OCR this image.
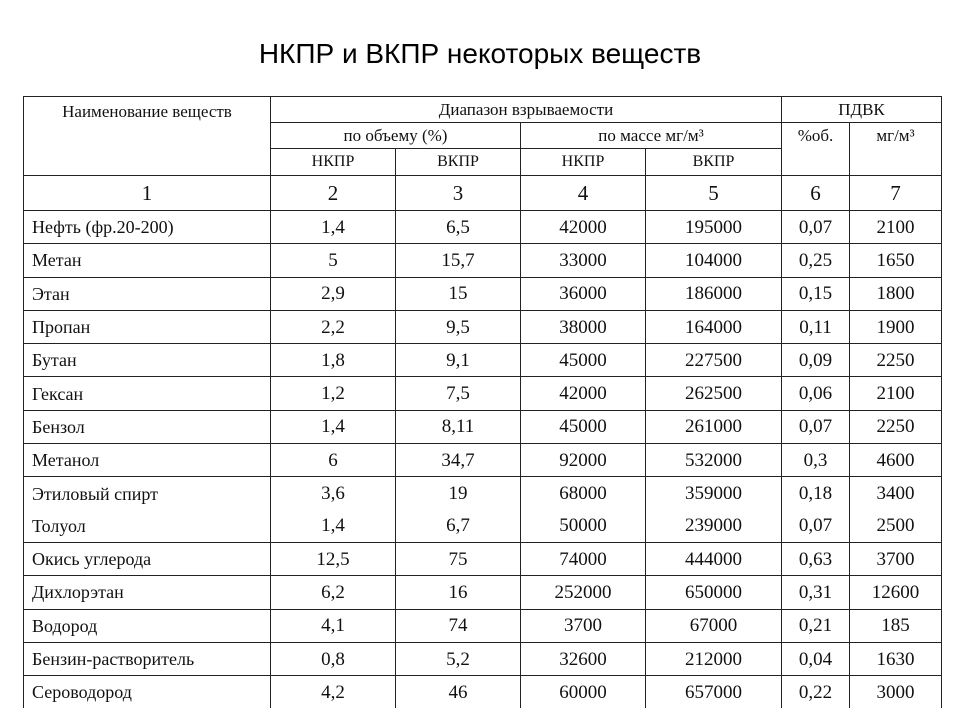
НКПР и ВКПР некоторых веществ
Наименование веществ	Диапазон взрываемости				ПДВК	
	по объему (%)		по массе мг/м³		%об.	мг/м³
	НКПР	ВКПР	НКПР	ВКПР		
1	2	3	4	5	6	7
Нефть (фр.20-200)	1,4	6,5	42000	195000	0,07	2100
Метан	5	15,7	33000	104000	0,25	1650
Этан	2,9	15	36000	186000	0,15	1800
Пропан	2,2	9,5	38000	164000	0,11	1900
Бутан	1,8	9,1	45000	227500	0,09	2250
Гексан	1,2	7,5	42000	262500	0,06	2100
Бензол	1,4	8,11	45000	261000	0,07	2250
Метанол	6	34,7	92000	532000	0,3	4600
Этиловый спирт	3,6	19	68000	359000	0,18	3400
Толуол	1,4	6,7	50000	239000	0,07	2500
Окись углерода	12,5	75	74000	444000	0,63	3700
Дихлорэтан	6,2	16	252000	650000	0,31	12600
Водород	4,1	74	3700	67000	0,21	185
Бензин-растворитель	0,8	5,2	32600	212000	0,04	1630
Сероводород	4,2	46	60000	657000	0,22	3000
